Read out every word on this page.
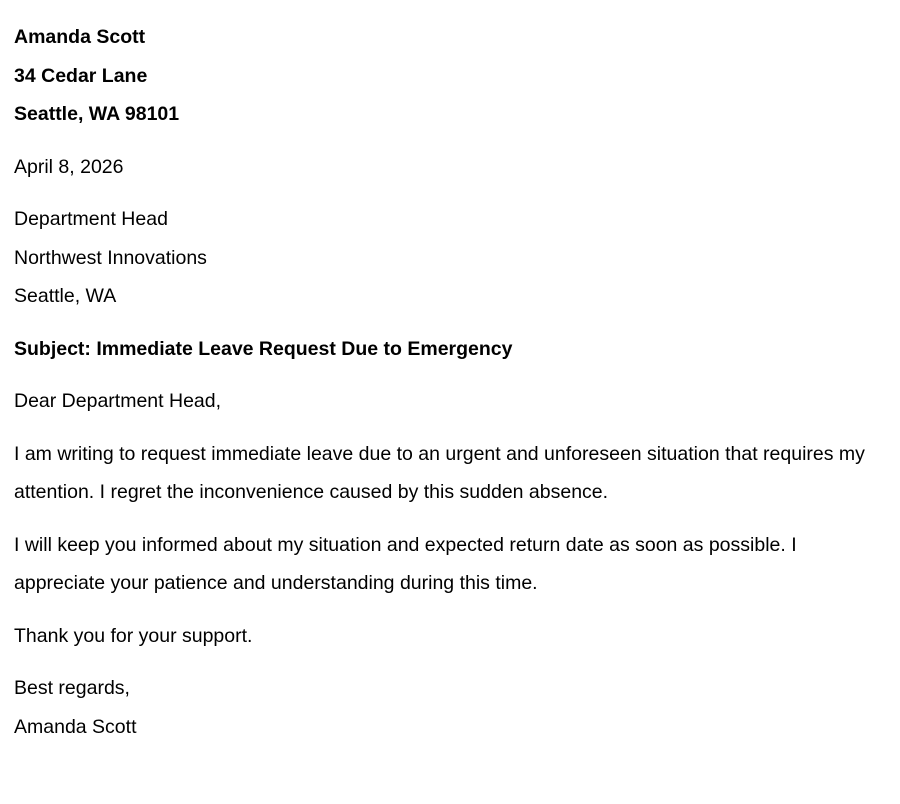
Amanda Scott
34 Cedar Lane
Seattle, WA 98101
April 8, 2026
Department Head
Northwest Innovations
Seattle, WA
Subject: Immediate Leave Request Due to Emergency
Dear Department Head,
I am writing to request immediate leave due to an urgent and unforeseen situation that requires my attention. I regret the inconvenience caused by this sudden absence.
I will keep you informed about my situation and expected return date as soon as possible. I appreciate your patience and understanding during this time.
Thank you for your support.
Best regards,
Amanda Scott
